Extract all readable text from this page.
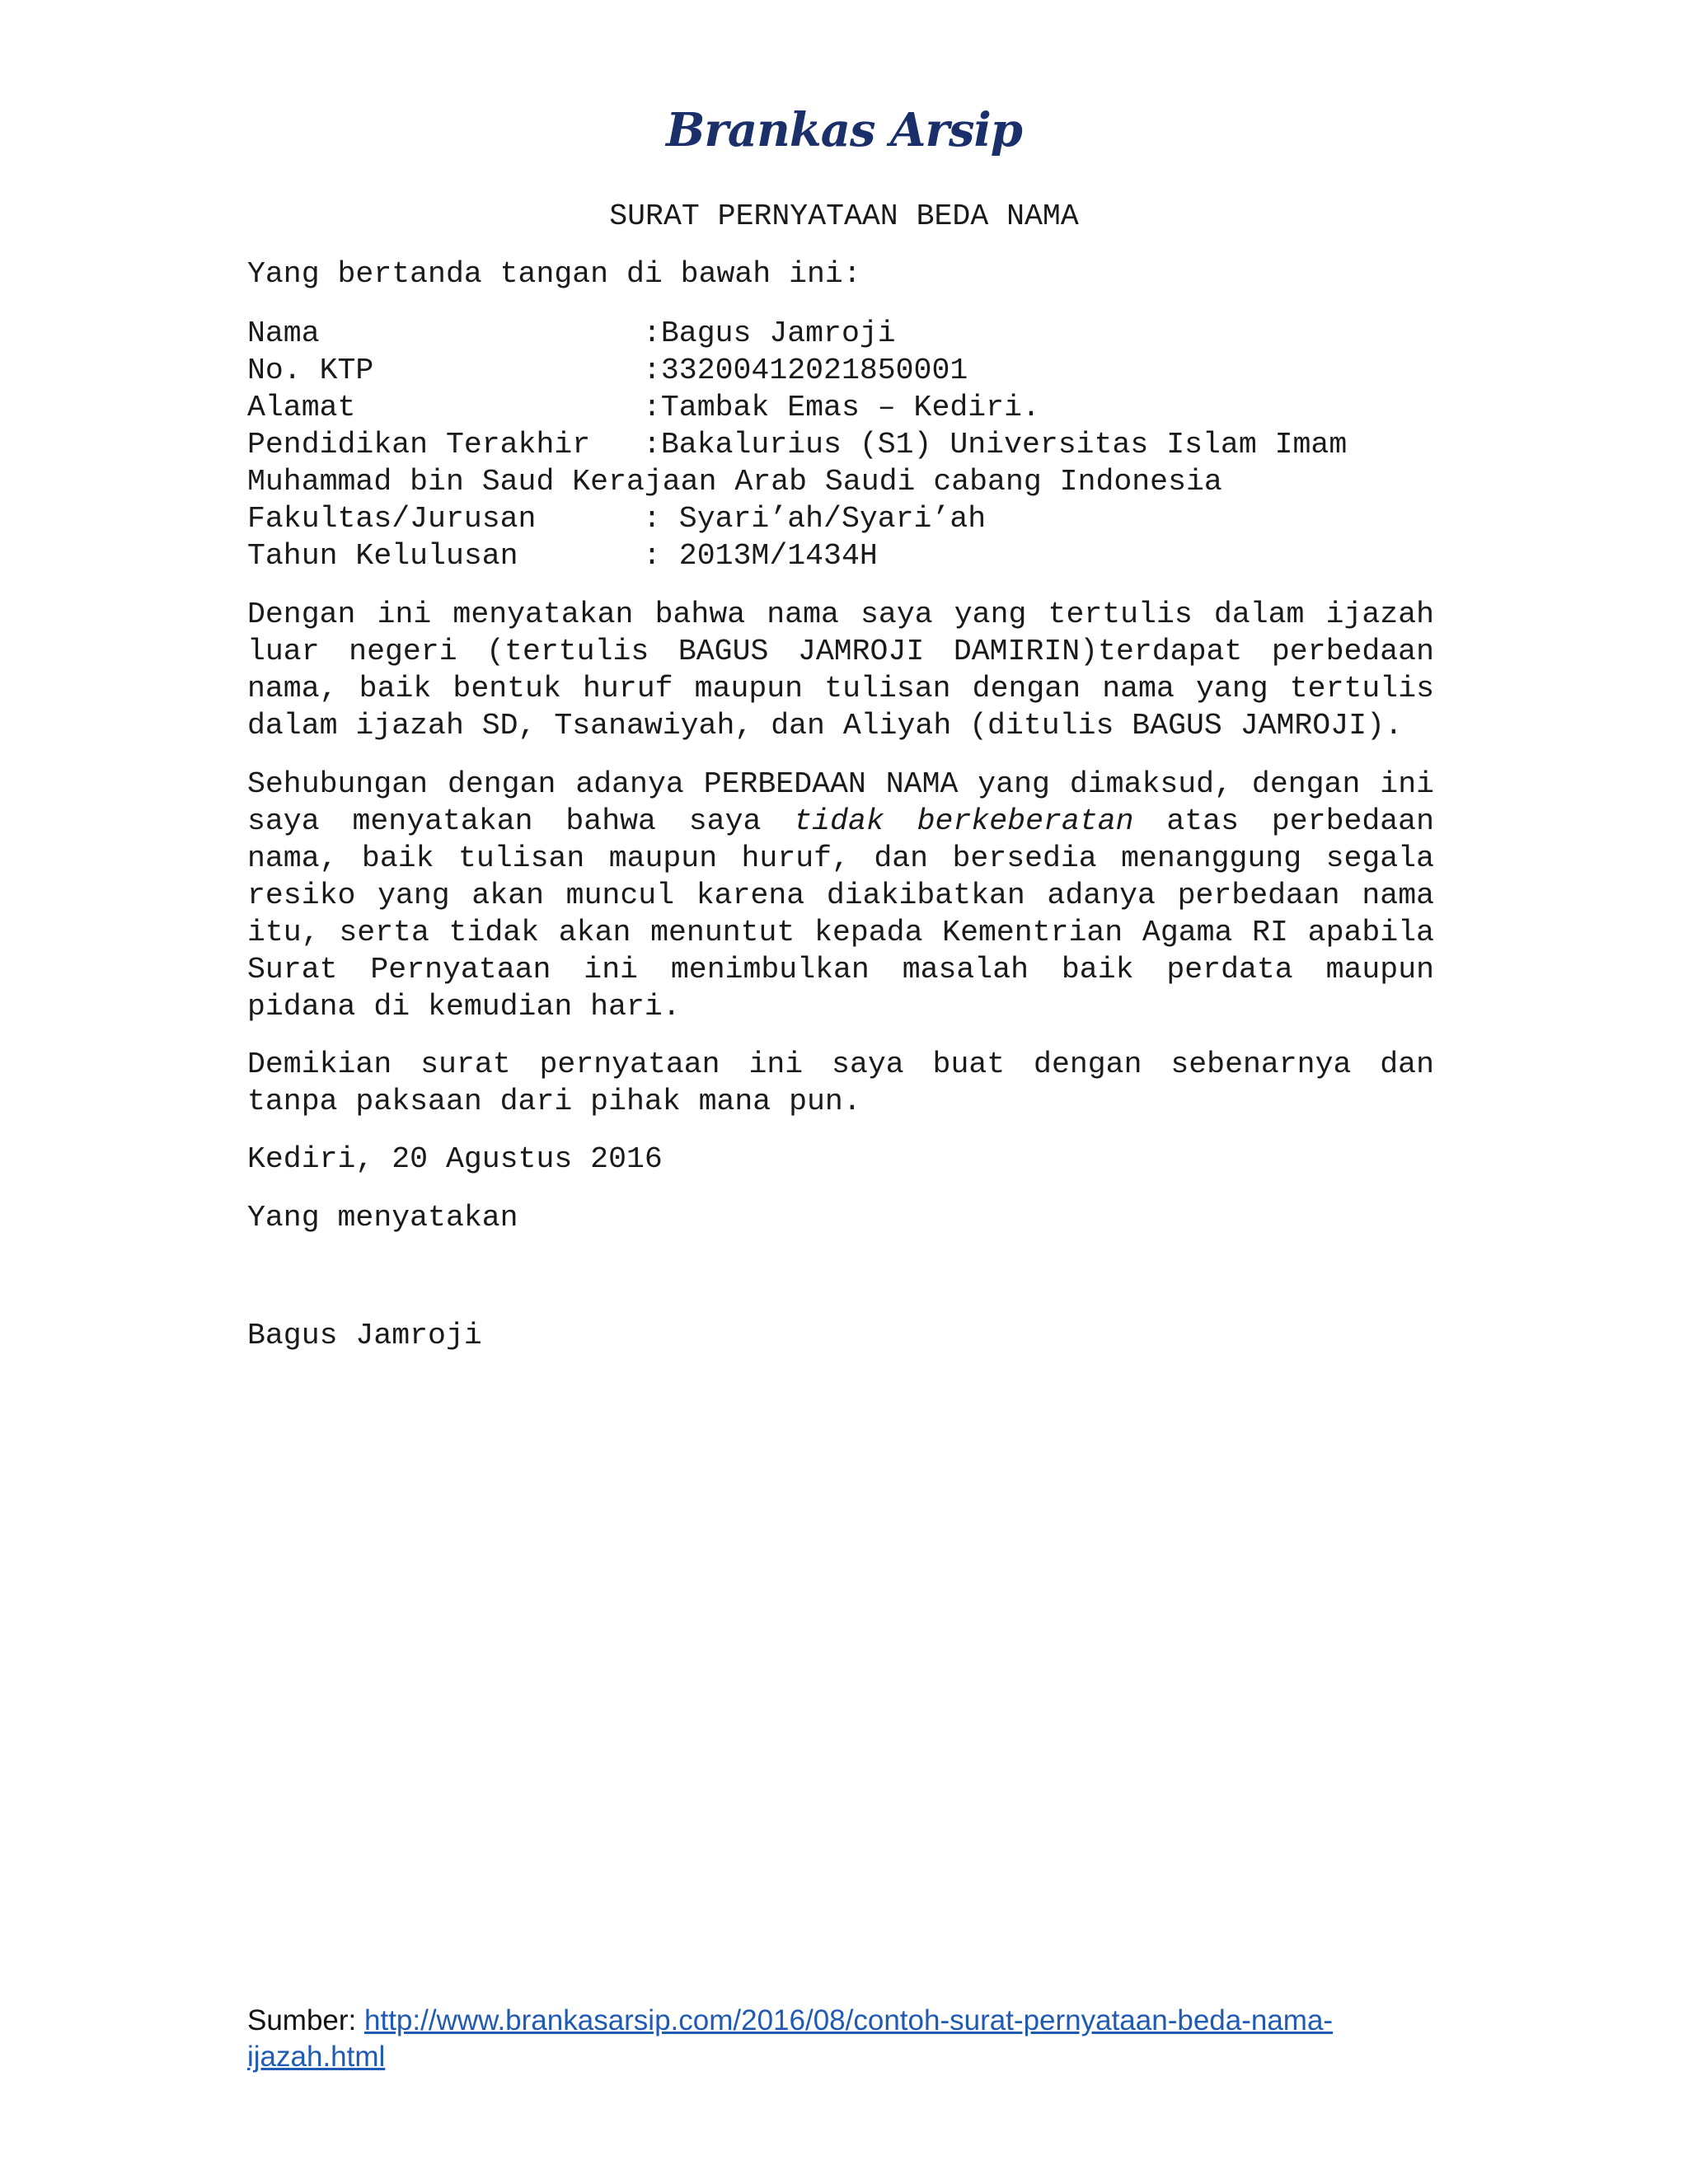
Brankas Arsip
SURAT PERNYATAAN BEDA NAMA
Yang bertanda tangan di bawah ini:
Nama	:Bagus Jamroji
No. KTP	:33200412021850001
Alamat	:Tambak Emas – Kediri.
Pendidikan Terakhir	:Bakalurius (S1) Universitas Islam Imam
Muhammad bin Saud Kerajaan Arab Saudi cabang Indonesia
Fakultas/Jurusan	: Syari’ah/Syari’ah
Tahun Kelulusan	: 2013M/1434H

Dengan ini menyatakan bahwa nama saya yang tertulis dalam ijazah luar negeri (tertulis BAGUS JAMROJI DAMIRIN)terdapat perbedaan nama, baik bentuk huruf maupun tulisan dengan nama yang tertulis dalam ijazah SD, Tsanawiyah, dan Aliyah (ditulis BAGUS JAMROJI).

Sehubungan dengan adanya PERBEDAAN NAMA yang dimaksud, dengan ini saya menyatakan bahwa saya tidak berkeberatan atas perbedaan nama, baik tulisan maupun huruf, dan bersedia menanggung segala resiko yang akan muncul karena diakibatkan adanya perbedaan nama itu, serta tidak akan menuntut kepada Kementrian Agama RI apabila Surat Pernyataan ini menimbulkan masalah baik perdata maupun pidana di kemudian hari.

Demikian surat pernyataan ini saya buat dengan sebenarnya dan tanpa paksaan dari pihak mana pun.

Kediri, 20 Agustus 2016
Yang menyatakan
Bagus Jamroji
Sumber: http://www.brankasarsip.com/2016/08/contoh-surat-pernyataan-beda-nama-
ijazah.html
